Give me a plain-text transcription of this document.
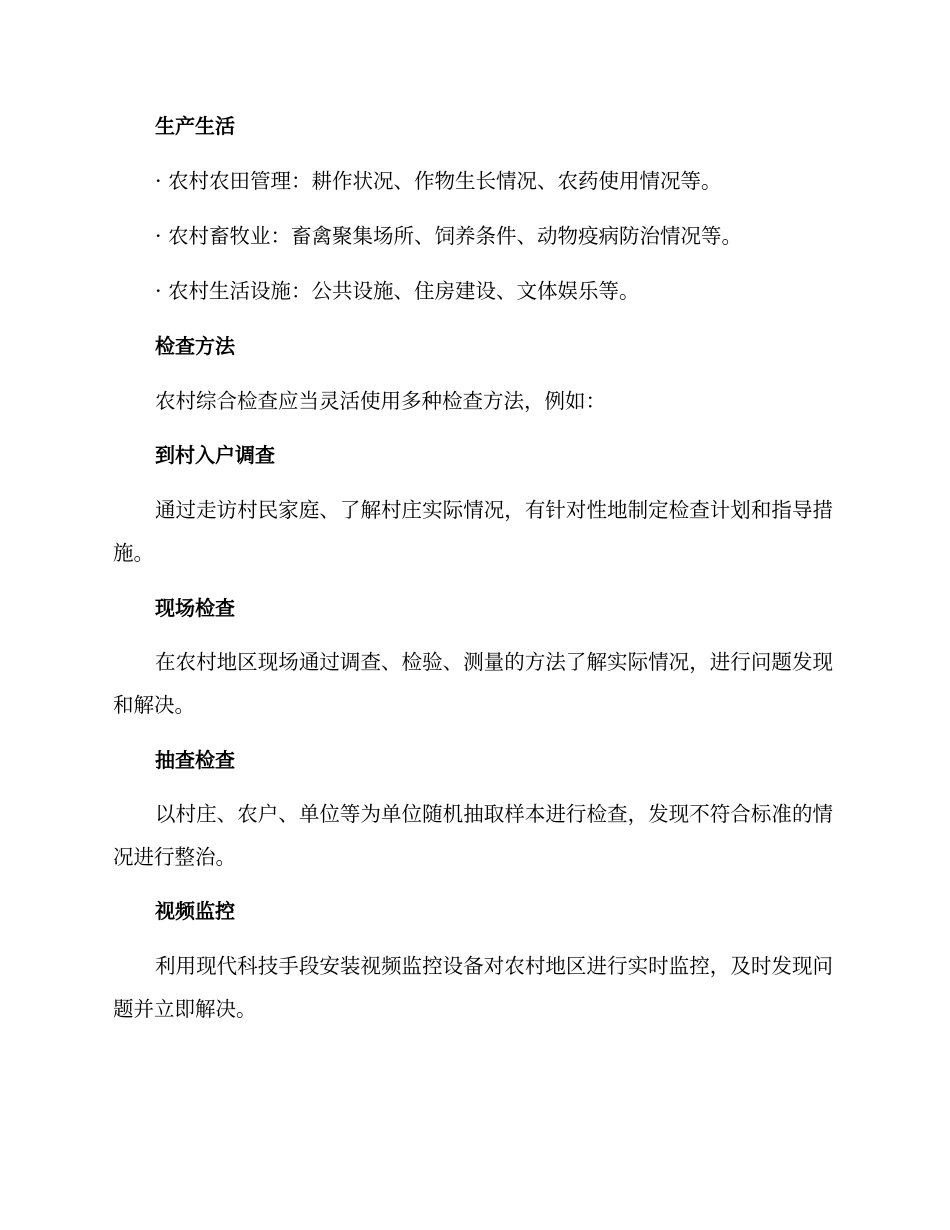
生产生活
· 农村农田管理：耕作状况、作物生长情况、农药使用情况等。
· 农村畜牧业：畜禽聚集场所、饲养条件、动物疫病防治情况等。
· 农村生活设施：公共设施、住房建设、文体娱乐等。
检查方法
农村综合检查应当灵活使用多种检查方法，例如：
到村入户调查
通过走访村民家庭、了解村庄实际情况，有针对性地制定检查计划和指导措施。
现场检查
在农村地区现场通过调查、检验、测量的方法了解实际情况，进行问题发现和解决。
抽查检查
以村庄、农户、单位等为单位随机抽取样本进行检查，发现不符合标准的情况进行整治。
视频监控
利用现代科技手段安装视频监控设备对农村地区进行实时监控，及时发现问题并立即解决。
